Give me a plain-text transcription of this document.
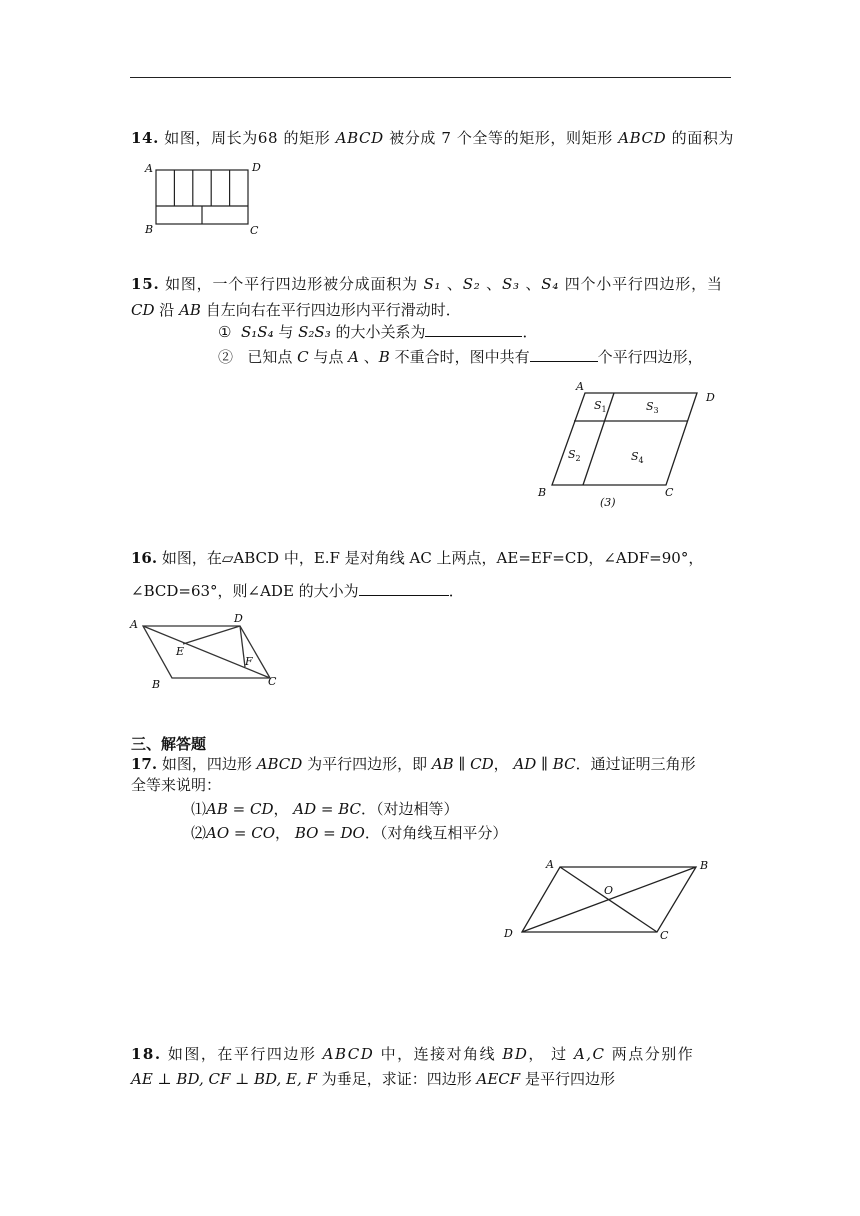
14. 如图，周长为68 的矩形 ABCD 被分成 7 个全等的矩形，则矩形 ABCD 的面积为
A	D
B	C
15. 如图，一个平行四边形被分成面积为 S₁ 、S₂ 、S₃ 、S₄ 四个小平行四边形，当
CD 沿 AB 自左向右在平行四边形内平行滑动时．
① S₁S₄ 与 S₂S₃ 的大小关系为	．
②   已知点 C 与点 A 、B 不重合时，图中共有	个平行四边形，
A
D
B	C
$S_1$	$S_3$
$S_2$	$S_4$
(3)
16. 如图，在▱ABCD 中，E.F 是对角线 AC 上两点，AE=EF=CD，∠ADF=90°，
∠BCD=63°，则∠ADE 的大小为	．
A	D
E
F
B	C
三、解答题
17. 如图，四边形 ABCD 为平行四边形，即 AB ∥ CD， AD ∥ BC．通过证明三角形
全等来说明：
⑴AB = CD， AD = BC．（对边相等）
⑵AO = CO， BO = DO．（对角线互相平分）
A	B
D	C
O
18. 如图，在平行四边形 ABCD 中，连接对角线 BD， 过 A,C 两点分别作
AE ⊥ BD, CF ⊥ BD, E, F 为垂足，求证：四边形 AECF 是平行四边形
